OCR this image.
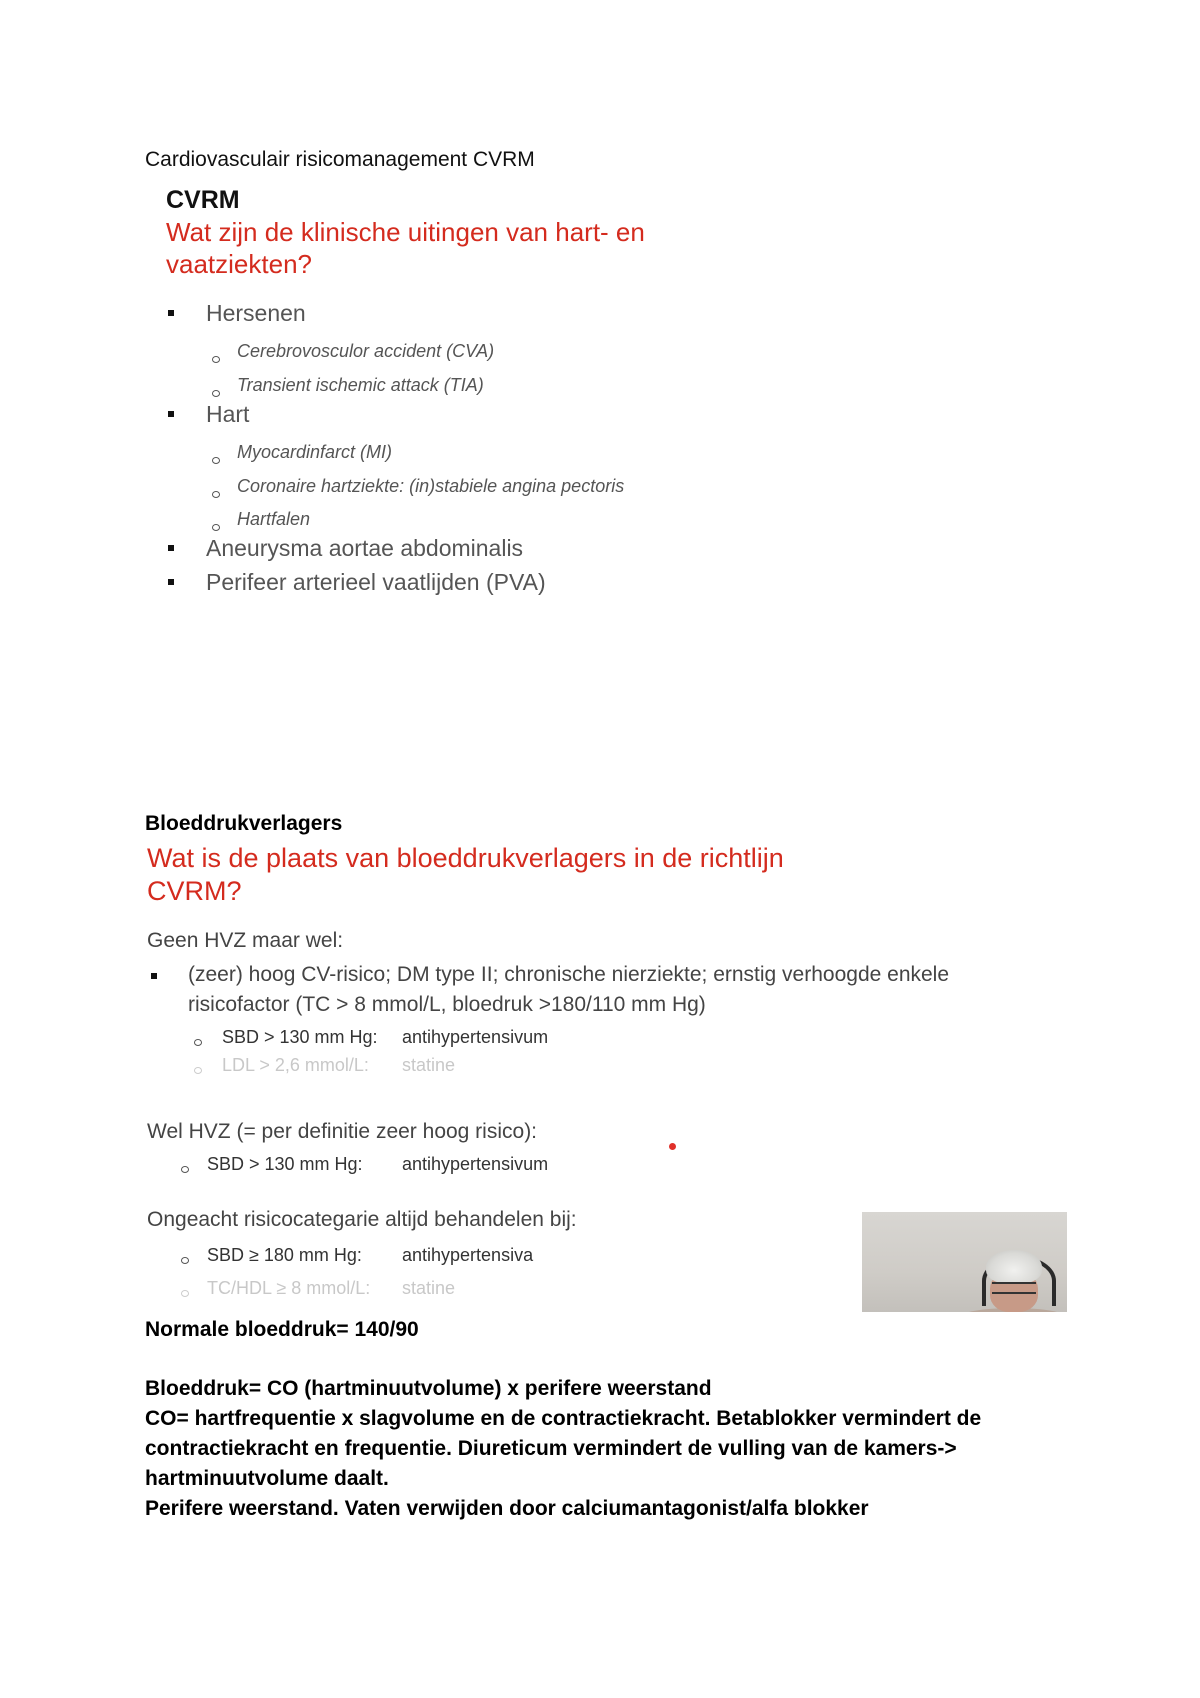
Cardiovasculair risicomanagement CVRM
CVRM
Wat zijn de klinische uitingen van hart- en
vaatziekten?
Hersenen
Cerebrovosculor accident (CVA)
Transient ischemic attack (TIA)
Hart
Myocardinfarct (MI)
Coronaire hartziekte: (in)stabiele angina pectoris
Hartfalen
Aneurysma aortae abdominalis
Perifeer arterieel vaatlijden (PVA)
Bloeddrukverlagers
Wat is de plaats van bloeddrukverlagers in de richtlijn
CVRM?
Geen HVZ maar wel:
(zeer) hoog CV-risico; DM type II; chronische nierziekte; ernstig verhoogde enkele
risicofactor (TC > 8 mmol/L, bloedruk >180/110 mm Hg)
SBD > 130 mm Hg: antihypertensivum
LDL > 2,6 mmol/L: statine
Wel HVZ (= per definitie zeer hoog risico):
SBD > 130 mm Hg: antihypertensivum
Ongeacht risicocategarie altijd behandelen bij:
SBD ≥ 180 mm Hg: antihypertensiva
TC/HDL ≥ 8 mmol/L: statine
Normale bloeddruk= 140/90
Bloeddruk= CO (hartminuutvolume) x perifere weerstand
CO= hartfrequentie x slagvolume en de contractiekracht. Betablokker vermindert de
contractiekracht en frequentie. Diureticum vermindert de vulling van de kamers->
hartminuutvolume daalt.
Perifere weerstand. Vaten verwijden door calciumantagonist/alfa blokker
